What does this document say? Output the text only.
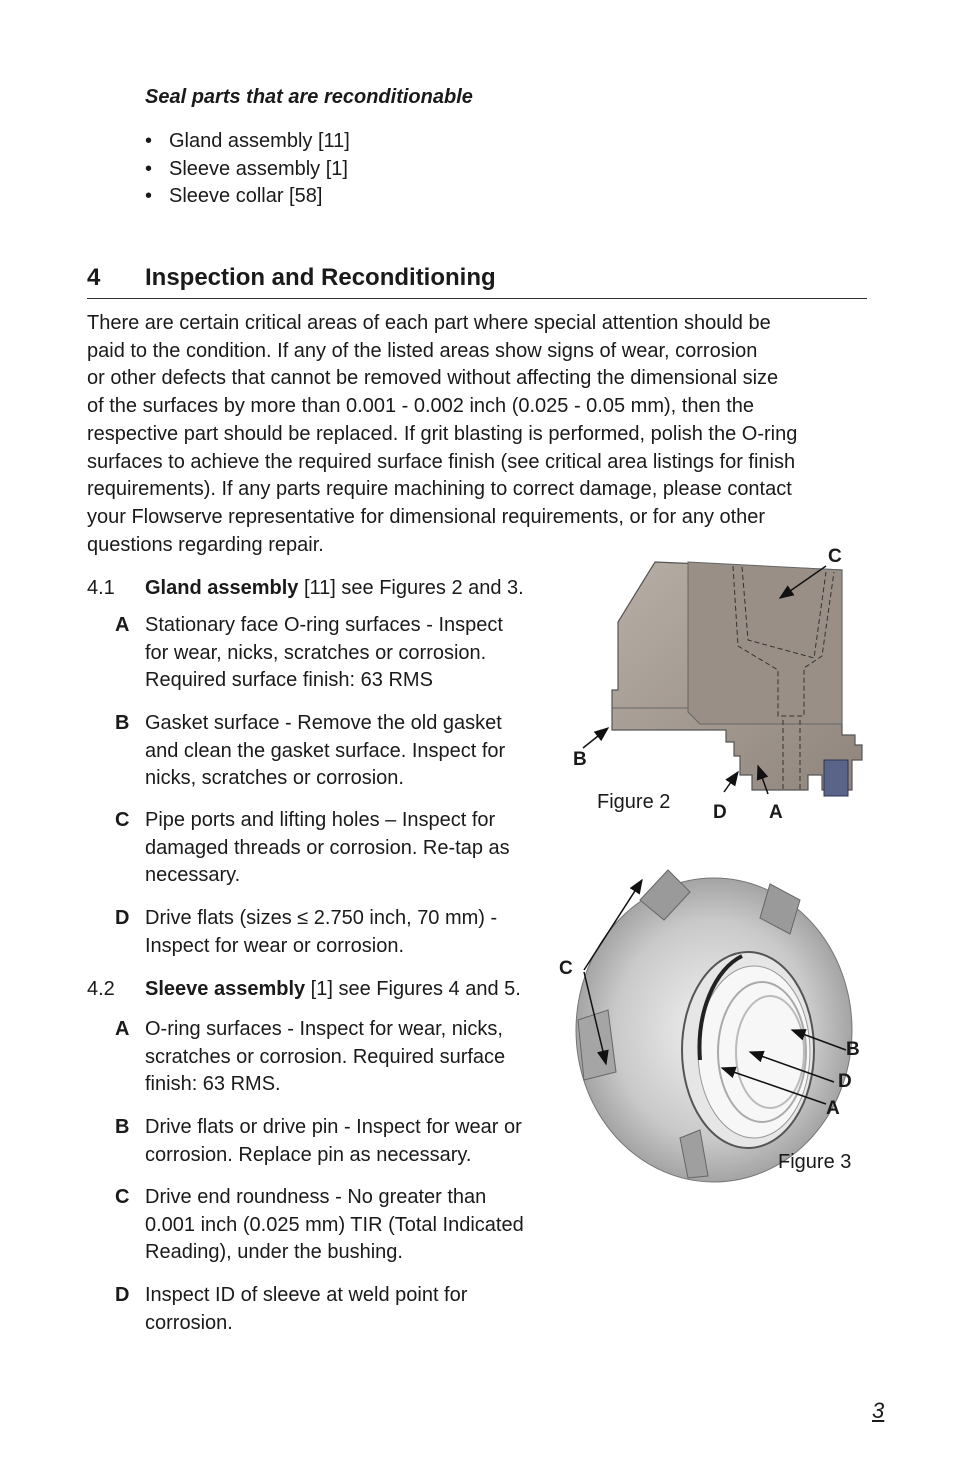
Seal parts that are reconditionable
• Gland assembly [11]
• Sleeve assembly [1]
• Sleeve collar [58]
4 Inspection and Reconditioning
There are certain critical areas of each part where special attention should be
paid to the condition. If any of the listed areas show signs of wear, corrosion
or other defects that cannot be removed without affecting the dimensional size
of the surfaces by more than 0.001 - 0.002 inch (0.025 - 0.05 mm), then the
respective part should be replaced. If grit blasting is performed, polish the O-ring
surfaces to achieve the required surface finish (see critical area listings for finish
requirements). If any parts require machining to correct damage, please contact
your Flowserve representative for dimensional requirements, or for any other
questions regarding repair.
4.1 Gland assembly [11] see Figures 2 and 3.
A Stationary face O-ring surfaces - Inspect
for wear, nicks, scratches or corrosion.
Required surface finish: 63 RMS
B Gasket surface - Remove the old gasket
and clean the gasket surface. Inspect for
nicks, scratches or corrosion.
C Pipe ports and lifting holes – Inspect for
damaged threads or corrosion. Re-tap as
necessary.
D Drive flats (sizes ≤ 2.750 inch, 70 mm) -
Inspect for wear or corrosion.
4.2 Sleeve assembly [1] see Figures 4 and 5.
A O-ring surfaces - Inspect for wear, nicks,
scratches or corrosion. Required surface
finish: 63 RMS.
B Drive flats or drive pin - Inspect for wear or
corrosion. Replace pin as necessary.
C Drive end roundness - No greater than
0.001 inch (0.025 mm) TIR (Total Indicated
Reading), under the bushing.
D Inspect ID of sleeve at weld point for
corrosion.
Figure 2
C
B
D A
Figure 3
C
B
D
A
3
